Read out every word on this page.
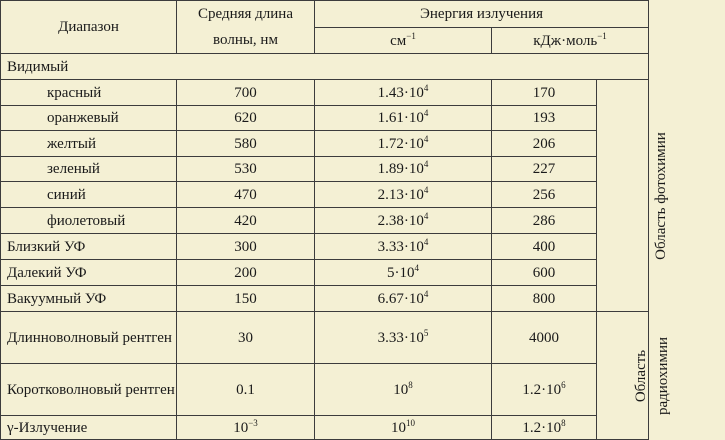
Диапазон	Средняя длина волны, нм	Энергия излучения		
		$см^{-1}$	кДж·моль$^{-1}$
Видимый				
красный	700	$1.43\cdot 10^4$	170	Область фотохимии
оранжевый	620	$1.61\cdot 10^4$	193	
желтый	580	$1.72\cdot 10^4$	206	
зеленый	530	$1.89\cdot 10^4$	227	
синий	470	$2.13\cdot 10^4$	256	
фиолетовый	420	$2.38\cdot 10^4$	286	
Близкий УФ	300	$3.33\cdot 10^4$	400	
Далекий УФ	200	$5\cdot 10^4$	600	
Вакуумный УФ	150	$6.67\cdot 10^4$	800	
Длинноволновый рентген	30	$3.33\cdot 10^5$	4000	Область радиохимии
Коротковолновый рентген	0.1	$10^8$	$1.2\cdot 10^6$
γ-Излучение	$10^{-3}$	$10^{10}$	$1.2\cdot 10^8$
